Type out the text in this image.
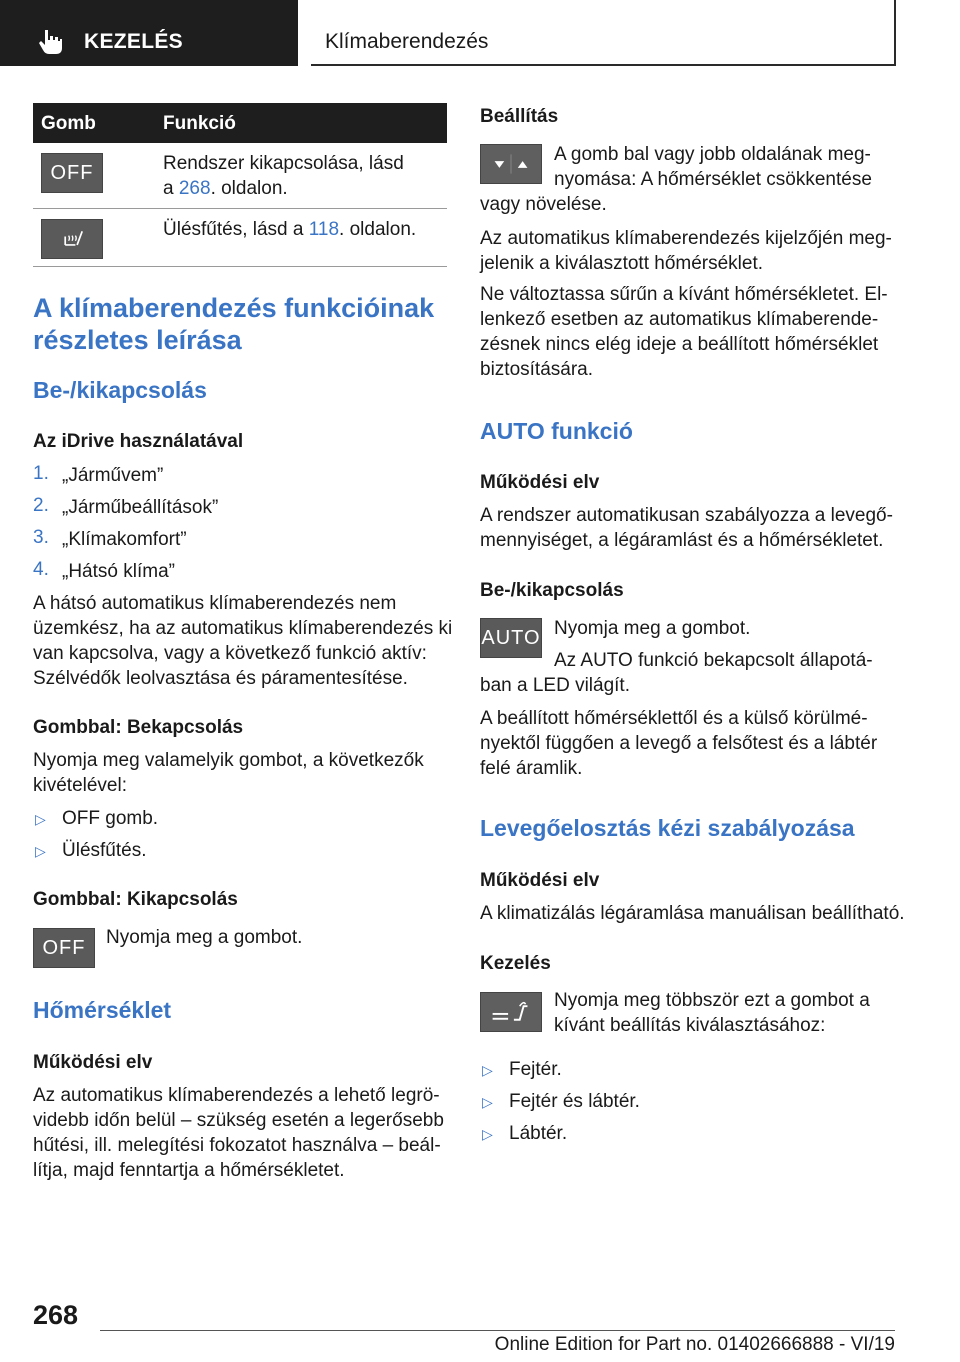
KEZELÉS	Klímaberendezés
Gomb	Funkció
OFF	Rendszer kikapcsolása, lásd
a 268. oldalon.
Ülésfűtés, lásd a 118. oldalon.
A klímaberendezés funkcióinak
részletes leírása
Be-/kikapcsolás
Az iDrive használatával
1. „Járművem”
2. „Járműbeállítások”
3. „Klímakomfort”
4. „Hátsó klíma”
A hátsó automatikus klímaberendezés nem
üzemkész, ha az automatikus klímaberendezés ki
van kapcsolva, vagy a következő funkció aktív:
Szélvédők leolvasztása és páramentesítése.
Gombbal: Bekapcsolás
Nyomja meg valamelyik gombot, a következők
kivételével:
▷ OFF gomb.
▷ Ülésfűtés.
Gombbal: Kikapcsolás
OFF	Nyomja meg a gombot.
Hőmérséklet
Működési elv
Az automatikus klímaberendezés a lehető legrö-
videbb időn belül – szükség esetén a legerősebb
hűtési, ill. melegítési fokozatot használva – beál-
lítja, majd fenntartja a hőmérsékletet.
Beállítás
A gomb bal vagy jobb oldalának meg-
nyomása: A hőmérséklet csökkentése
vagy növelése.
Az automatikus klímaberendezés kijelzőjén meg-
jelenik a kiválasztott hőmérséklet.
Ne változtassa sűrűn a kívánt hőmérsékletet. El-
lenkező esetben az automatikus klímaberende-
zésnek nincs elég ideje a beállított hőmérséklet
biztosítására.
AUTO funkció
Működési elv
A rendszer automatikusan szabályozza a levegő-
mennyiséget, a légáramlást és a hőmérsékletet.
Be-/kikapcsolás
AUTO Nyomja meg a gombot.
Az AUTO funkció bekapcsolt állapotá-
ban a LED világít.
A beállított hőmérséklettől és a külső körülmé-
nyektől függően a levegő a felsőtest és a lábtér
felé áramlik.
Levegőelosztás kézi szabályozása
Működési elv
A klimatizálás légáramlása manuálisan beállítható.
Kezelés
Nyomja meg többször ezt a gombot a
kívánt beállítás kiválasztásához:
▷ Fejtér.
▷ Fejtér és lábtér.
▷ Lábtér.
268
Online Edition for Part no. 01402666888 - VI/19
